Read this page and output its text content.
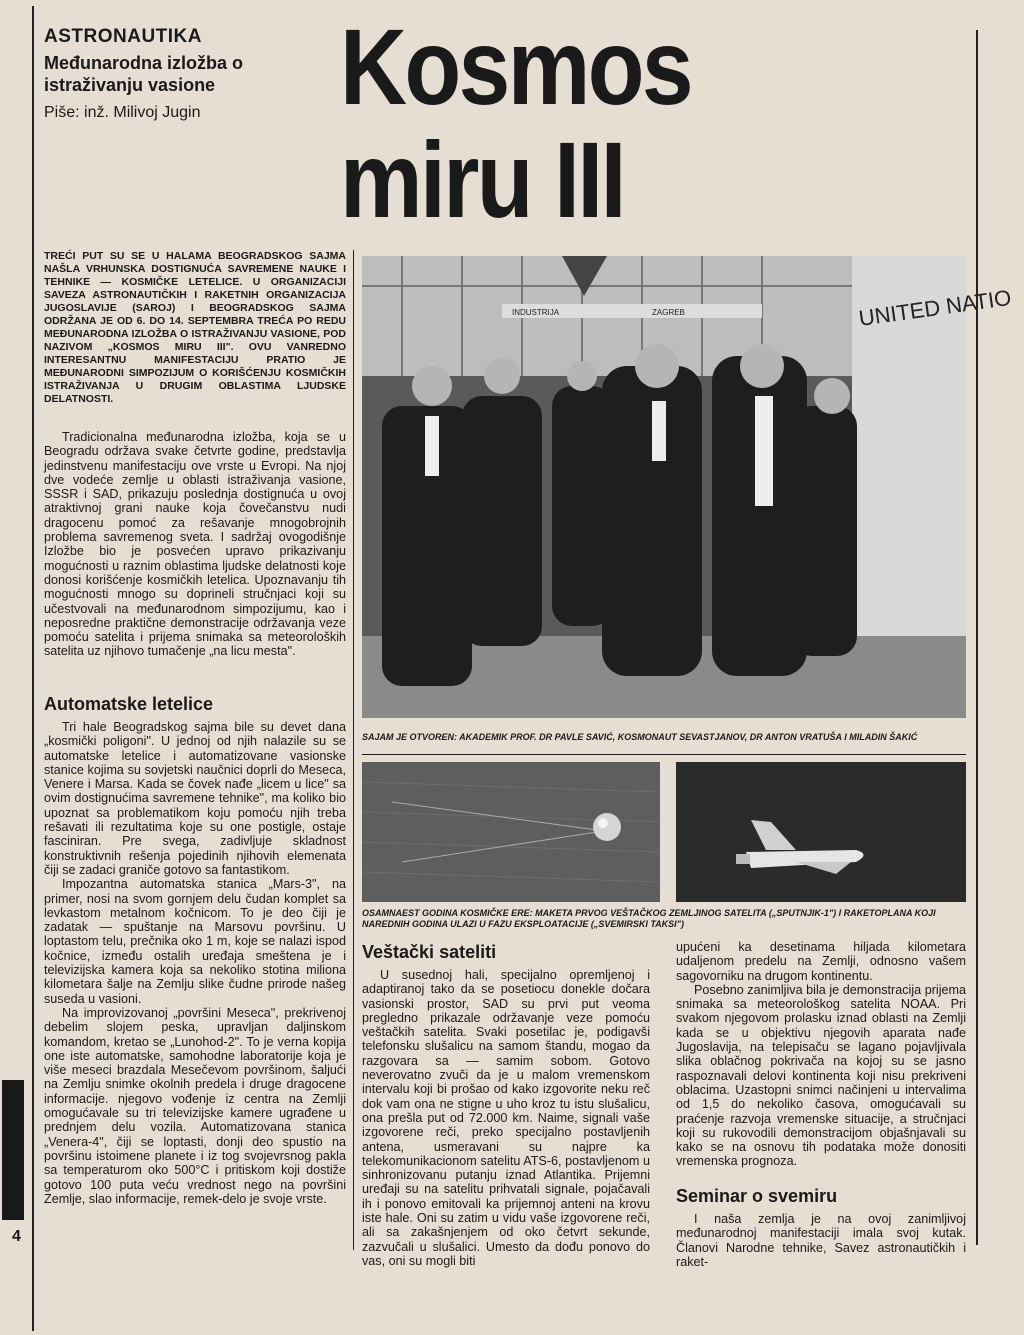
ASTRONAUTIKA
Međunarodna izložba o istraživanju vasione
Piše: inž. Milivoj Jugin Kosmos
miru III
TREĆI PUT SU SE U HALAMA BEOGRADSKOG SAJMA NAŠLA VRHUNSKA DOSTIGNUĆA SAVREMENE NAUKE I TEHNIKE — KOSMIČKE LETELICE. U ORGANIZACIJI SAVEZA ASTRONAUTIČKIH I RAKETNIH ORGANIZACIJA JUGOSLAVIJE (SAROJ) I BEOGRADSKOG SAJMA ODRŽANA JE OD 6. DO 14. SEPTEMBRA TREĆA PO REDU MEĐUNARODNA IZLOŽBA O ISTRAŽIVANJU VASIONE, POD NAZIVOM „KOSMOS MIRU III". OVU VANREDNO INTERESANTNU MANIFESTACIJU PRATIO JE MEĐUNARODNI SIMPOZIJUM O KORIŠĆENJU KOSMIČKIH ISTRAŽIVANJA U DRUGIM OBLASTIMA LJUDSKE DELATNOSTI.

Tradicionalna međunarodna izložba, koja se u Beogradu održava svake četvrte godine, predstavlja jedinstvenu manifestaciju ove vrste u Evropi. Na njoj dve vodeće zemlje u oblasti istraživanja vasione, SSSR i SAD, prikazuju poslednja dostignuća u ovoj atraktivnoj grani nauke koja čovečanstvu nudi dragocenu pomoć za rešavanje mnogobrojnih problema savremenog sveta. I sadržaj ovogodišnje Izložbe bio je posvećen upravo prikazivanju mogućnosti u raznim oblastima ljudske delatnosti koje donosi korišćenje kosmičkih letelica. Upoznavanju tih mogućnosti mnogo su doprineli stručnjaci koji su učestvovali na međunarodnom simpozijumu, kao i neposredne praktične demonstracije održavanja veze pomoću satelita i prijema snimaka sa meteoroloških satelita uz njihovo tumačenje „na licu mesta".

Automatske letelice

Tri hale Beogradskog sajma bile su devet dana „kosmički poligoni". U jednoj od njih nalazile su se automatske letelice i automatizovane vasionske stanice kojima su sovjetski naučnici doprli do Meseca, Venere i Marsa. Kada se čovek nađe „licem u lice" sa ovim dostignućima savremene tehnike", ma koliko bio upoznat sa problematikom koju pomoću njih treba rešavati ili rezultatima koje su one postigle, ostaje fasciniran. Pre svega, zadivljuje skladnost konstruktivnih rešenja pojedinih njihovih elemenata čiji se zadaci graniče gotovo sa fantastikom.

Impozantna automatska stanica „Mars-3", na primer, nosi na svom gornjem delu čudan komplet sa levkastom metalnom kočnicom. To je deo čiji je zadatak — spuštanje na Marsovu površinu. U loptastom telu, prečnika oko 1 m, koje se nalazi ispod kočnice, između ostalih uređaja smeštena je i televizijska kamera koja sa nekoliko stotina miliona kilometara šalje na Zemlju slike čudne prirode našeg suseda u vasioni.

Na improvizovanoj „površini Meseca", prekrivenoj debelim slojem peska, upravljan daljinskom komandom, kretao se „Lunohod-2". To je verna kopija one iste automatske, samohodne laboratorije koja je više meseci brazdala Mesečevom površinom, šaljući na Zemlju snimke okolnih predela i druge dragocene informacije. njegovo vođenje iz centra na Zemlji omogućavale su tri televizijske kamere ugrađene u prednjem delu vozila. Automatizovana stanica „Venera-4", čiji se loptasti, donji deo spustio na površinu istoimene planete i iz tog svojevrsnog pakla sa temperaturom oko 500°C i pritiskom koji dostiže gotovo 100 puta veću vrednost nego na površini Zemlje, slao informacije, remek-delo je svoje vrste.

UNITED NATIO
INDUSTRIJA	ZAGREB
SAJAM JE OTVOREN: AKADEMIK PROF. DR PAVLE SAVIĆ, KOSMONAUT SEVASTJANOV, DR ANTON VRATUŠA I MILADIN ŠAKIĆ
OSAMNAEST GODINA KOSMIČKE ERE: MAKETA PRVOG VEŠTAČKOG ZEMLJINOG SATELITA („SPUTNJIK-1") I RAKETOPLANA KOJI NAREDNIH GODINA ULAZI U FAZU EKSPLOATACIJE („SVEMIRSKI TAKSI")
Veštački sateliti

U susednoj hali, specijalno opremljenoj i adaptiranoj tako da se posetiocu donekle dočara vasionski prostor, SAD su prvi put veoma pregledno prikazale održavanje veze pomoću veštačkih satelita. Svaki posetilac je, podigavši telefonsku slušalicu na samom štandu, mogao da razgovara sa — samim sobom. Gotovo neverovatno zvuči da je u malom vremenskom intervalu koji bi prošao od kako izgovorite neku reč dok vam ona ne stigne u uho kroz tu istu slušalicu, ona prešla put od 72.000 km. Naime, signali vaše izgovorene reči, preko specijalno postavljenih antena, usmeravani su najpre ka telekomunikacionom satelitu ATS-6, postavljenom u sinhronizovanu putanju iznad Atlantika. Prijemni uređaji su na satelitu prihvatali signale, pojačavali ih i ponovo emitovali ka prijemnoj anteni na krovu iste hale. Oni su zatim u vidu vaše izgovorene reči, ali sa zakašnjenjem od oko četvrt sekunde, zazvučali u slušalici. Umesto da dođu ponovo do vas, oni su mogli biti

upućeni ka desetinama hiljada kilometara udaljenom predelu na Zemlji, odnosno vašem sagovorniku na drugom kontinentu.

Posebno zanimljiva bila je demonstracija prijema snimaka sa meteorološkog satelita NOAA. Pri svakom njegovom prolasku iznad oblasti na Zemlji kada se u objektivu njegovih aparata nađe Jugoslavija, na telepisaču se lagano pojavljivala slika oblačnog pokrivača na kojoj su se jasno raspoznavali delovi kontinenta koji nisu prekriveni oblacima. Uzastopni snimci načinjeni u intervalima od 1,5 do nekoliko časova, omogućavali su praćenje razvoja vremenske situacije, a stručnjaci koji su rukovodili demonstracijom objašnjavali su kako se na osnovu tih podataka može donositi vremenska prognoza.

Seminar o svemiru

I naša zemlja je na ovoj zanimljivoj međunarodnoj manifestaciji imala svoj kutak. Članovi Narodne tehnike, Savez astronautičkih i raket-

4
